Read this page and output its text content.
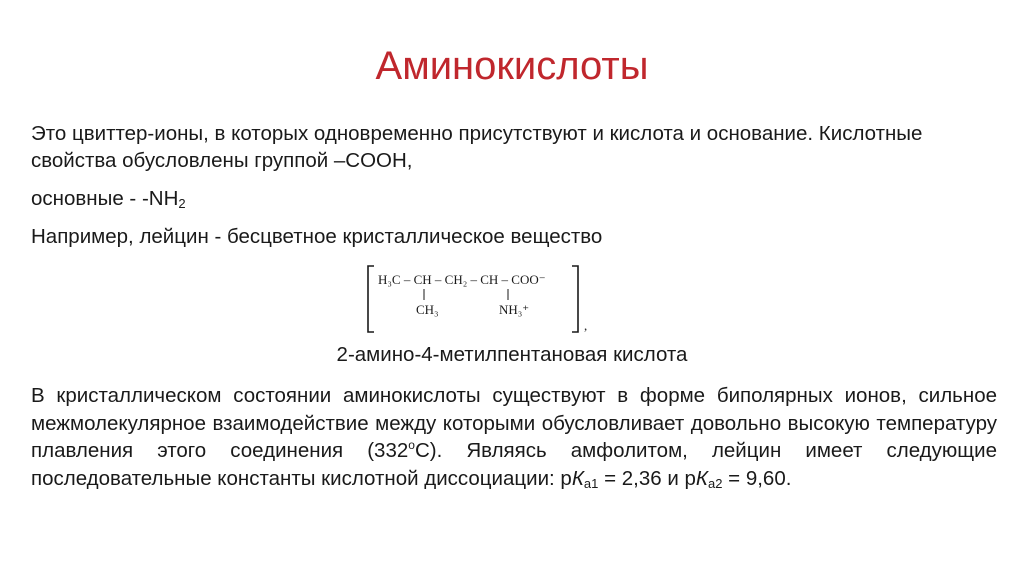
Аминокислоты

Это цвиттер-ионы, в которых одновременно присутствуют и кислота и основание. Кислотные свойства обусловлены группой –COOH,

основные - $-NH_2$

Например, лейцин - бесцветное кристаллическое вещество

H₃C – CH – CH₂ – CH – COO⁻
CH₃	NH₃⁺
,
2-амино-4-метилпентановая кислота

В кристаллическом состоянии аминокислоты существуют в форме биполярных ионов, сильное межмолекулярное взаимодействие между которыми обусловливает довольно высокую температуру плавления этого соединения $(332^оС)$. Являясь амфолитом, лейцин имеет следующие последовательные константы кислотной диссоциации: $рК_{а1} = 2,36$ и $рК_{а2} = 9,60$.
